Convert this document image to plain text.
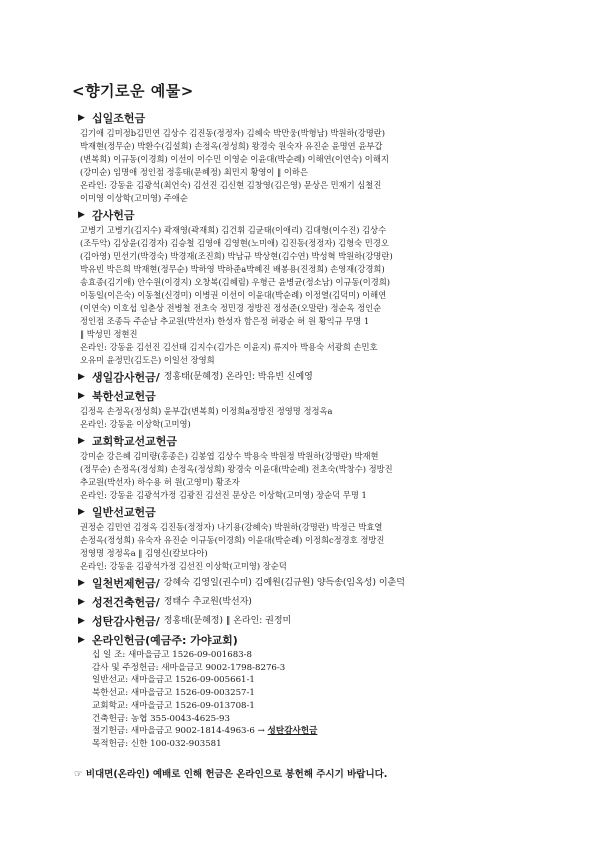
<향기로운 예물>
▶ 십일조헌금
김기애 김미정b김민연 김상수 김진동(정정자) 김혜숙 박만웅(박형남) 박원하(강명란)
박재현(정무순) 박환수(김설희) 손정옥(정성희) 왕경숙 원숙자 유진순 윤명연 윤부갑
(변복희) 이규동(이경희) 이선이 이수민 이영순 이윤대(박순례) 이해연(이연숙) 이해지
(강미순) 임명애 정인점 정홍태(문혜정) 최민지 황영이 ‖ 이하은
온라인: 강동윤 김광석(최언숙) 김선진 김신현 김창영(김은영) 문상은 민재기 심철진
이미영 이상학(고미영) 주애순
▶ 감사헌금
고병기 고병기(김지수) 곽재영(곽재희) 김건휘 김균태(이애리) 김대형(이수진) 김상수
(조두악) 김상윤(김경자) 김승철 김영애 김영현(노미애) 김진동(정정자) 김형숙 민경오
(김아영) 민선기(박경숙) 박경재(조진희) 박남규 박상현(김수연) 박성혁 박원하(강명란)
박유빈 박은희 박재현(정무순) 박하영 박하준a박혜진 배봉용(진정희) 손영재(강경희)
송효종(김기애) 안수원(이경지) 오창복(김혜림) 우형근 윤병균(정소남) 이규동(이경희)
이동일(이은숙) 이동철(신경미) 이병권 이선이 이윤대(박순례) 이정열(김덕미) 이해연
(이연숙) 이호섭 임춘상 전병철 전초숙 정민경 정방진 정성준(오말란) 정순옥 정인순
정인점 조종득 주순남 추교원(박선자) 한성자 함은정 허광순 허 원 황익규 무명 1
‖ 박성민 정현진
온라인: 강동윤 김선진 김선태 김지수(김가은 이윤지) 류지아 박용숙 서광희 손민호
오유미 윤정민(김도은) 이일선 장영희
▶ 생일감사헌금/ 정홍태(문혜정) 온라인: 박유빈 신예영
▶ 북한선교헌금
김정옥 손정옥(정성희) 윤부갑(변복희) 이정희a정방진 정영명 정정옥a
온라인: 강동윤 이상학(고미영)
▶ 교회학교선교헌금
강미순 강은혜 김미량(홍종은) 김봉엽 김상수 박용숙 박원정 박원하(강명란) 박재현
(정무순) 손정옥(정성희) 손정옥(정성희) 왕경숙 이윤대(박순례) 전초숙(박창수) 정방진
추교원(박선자) 하수용 허 원(고영미) 황조자
온라인: 강동윤 김광석가정 김광진 김선진 문상은 이상학(고미영) 장순덕 무명 1
▶ 일반선교헌금
권정순 김민연 김정옥 김진동(정정자) 나기용(강혜숙) 박원하(강명란) 박정근 박효열
손정옥(정성희) 유숙자 유진순 이규동(이경희) 이윤대(박순례) 이정희c정경호 정방진
정영명 정정옥a ‖ 김영신(칼보다아)
온라인: 강동윤 김광석가정 김선진 이상학(고미영) 장순덕
▶ 일천번제헌금/ 강혜숙 김영일(권수미) 김예원(김규원) 양득송(임옥성) 이춘덕
▶ 성전건축헌금/ 정태수 추교원(박선자)
▶ 성탄감사헌금/ 정홍태(문혜정) ‖ 온라인: 권정미
▶ 온라인헌금(예금주: 가야교회)
십 일 조: 새마을금고 1526-09-001683-8
감사 및 주정헌금: 새마을금고 9002-1798-8276-3
일반선교: 새마을금고 1526-09-005661-1
북한선교: 새마을금고 1526-09-003257-1
교회학교: 새마을금고 1526-09-013708-1
건축헌금: 농협 355-0043-4625-93
절기헌금: 새마을금고 9002-1814-4963-6 → 성탄감사헌금
목적헌금: 신한 100-032-903581
☞ 비대면(온라인) 예배로 인해 헌금은 온라인으로 봉헌해 주시기 바랍니다.
